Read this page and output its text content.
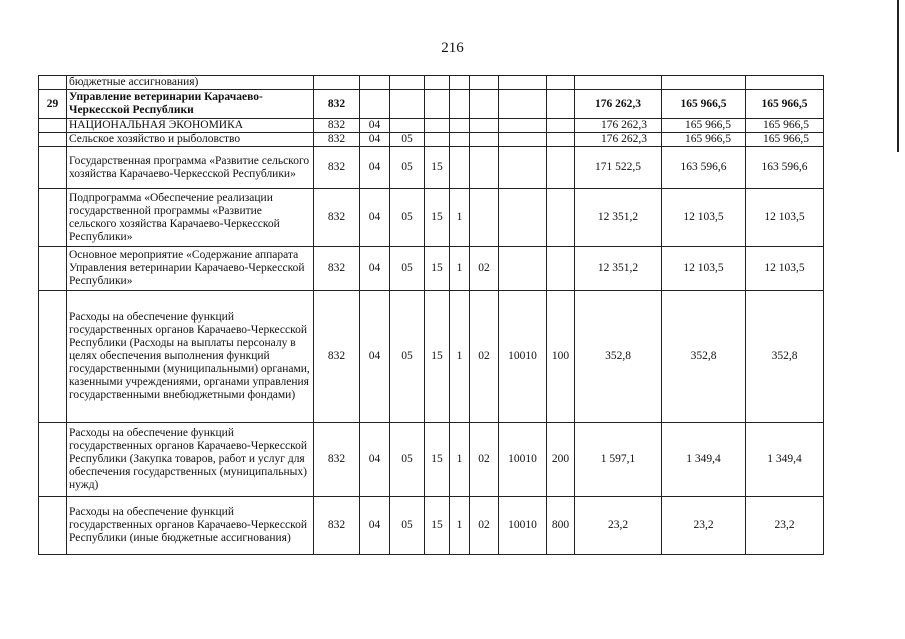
216
	бюджетные ассигнования)											
29	Управление ветеринарии Карачаево-Черкесской Республики	832								176 262,3	165 966,5	165 966,5
	НАЦИОНАЛЬНАЯ ЭКОНОМИКА	832	04							176 262,3	165 966,5	165 966,5
	Сельское хозяйство и рыболовство	832	04	05						176 262,3	165 966,5	165 966,5
	Государственная программа «Развитие сельского хозяйства Карачаево-Черкесской Республики»	832	04	05	15					171 522,5	163 596,6	163 596,6
	Подпрограмма «Обеспечение реализации государственной программы «Развитие сельского хозяйства Карачаево-Черкесской Республики»	832	04	05	15	1				12 351,2	12 103,5	12 103,5
	Основное мероприятие «Содержание аппарата Управления ветеринарии Карачаево-Черкесской Республики»	832	04	05	15	1	02			12 351,2	12 103,5	12 103,5
	Расходы на обеспечение функций государственных органов Карачаево-Черкесской Республики (Расходы на выплаты персоналу в целях обеспечения выполнения функций государственными (муниципальными) органами, казенными учреждениями, органами управления государственными внебюджетными фондами)	832	04	05	15	1	02	10010	100	352,8	352,8	352,8
	Расходы на обеспечение функций государственных органов Карачаево-Черкесской Республики (Закупка товаров, работ и услуг для обеспечения государственных (муниципальных) нужд)	832	04	05	15	1	02	10010	200	1 597,1	1 349,4	1 349,4
	Расходы на обеспечение функций государственных органов Карачаево-Черкесской Республики (иные бюджетные ассигнования)	832	04	05	15	1	02	10010	800	23,2	23,2	23,2
